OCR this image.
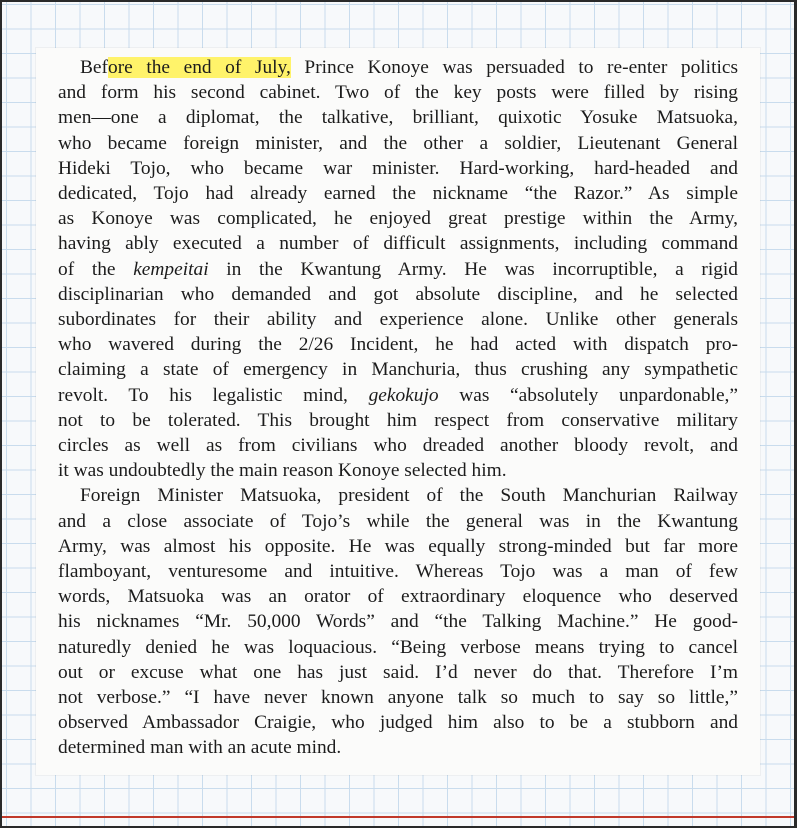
Before the end of July, Prince Konoye was persuaded to re-enter politics
and form his second cabinet. Two of the key posts were filled by rising
men—one a diplomat, the talkative, brilliant, quixotic Yosuke Matsuoka,
who became foreign minister, and the other a soldier, Lieutenant General
Hideki Tojo, who became war minister. Hard-working, hard-headed and
dedicated, Tojo had already earned the nickname “the Razor.” As simple
as Konoye was complicated, he enjoyed great prestige within the Army,
having ably executed a number of difficult assignments, including command
of the kempeitai in the Kwantung Army. He was incorruptible, a rigid
disciplinarian who demanded and got absolute discipline, and he selected
subordinates for their ability and experience alone. Unlike other generals
who wavered during the 2/26 Incident, he had acted with dispatch pro-
claiming a state of emergency in Manchuria, thus crushing any sympathetic
revolt. To his legalistic mind, gekokujo was “absolutely unpardonable,”
not to be tolerated. This brought him respect from conservative military
circles as well as from civilians who dreaded another bloody revolt, and
it was undoubtedly the main reason Konoye selected him.
Foreign Minister Matsuoka, president of the South Manchurian Railway
and a close associate of Tojo’s while the general was in the Kwantung
Army, was almost his opposite. He was equally strong-minded but far more
flamboyant, venturesome and intuitive. Whereas Tojo was a man of few
words, Matsuoka was an orator of extraordinary eloquence who deserved
his nicknames “Mr. 50,000 Words” and “the Talking Machine.” He good-
naturedly denied he was loquacious. “Being verbose means trying to cancel
out or excuse what one has just said. I’d never do that. Therefore I’m
not verbose.” “I have never known anyone talk so much to say so little,”
observed Ambassador Craigie, who judged him also to be a stubborn and
determined man with an acute mind.
